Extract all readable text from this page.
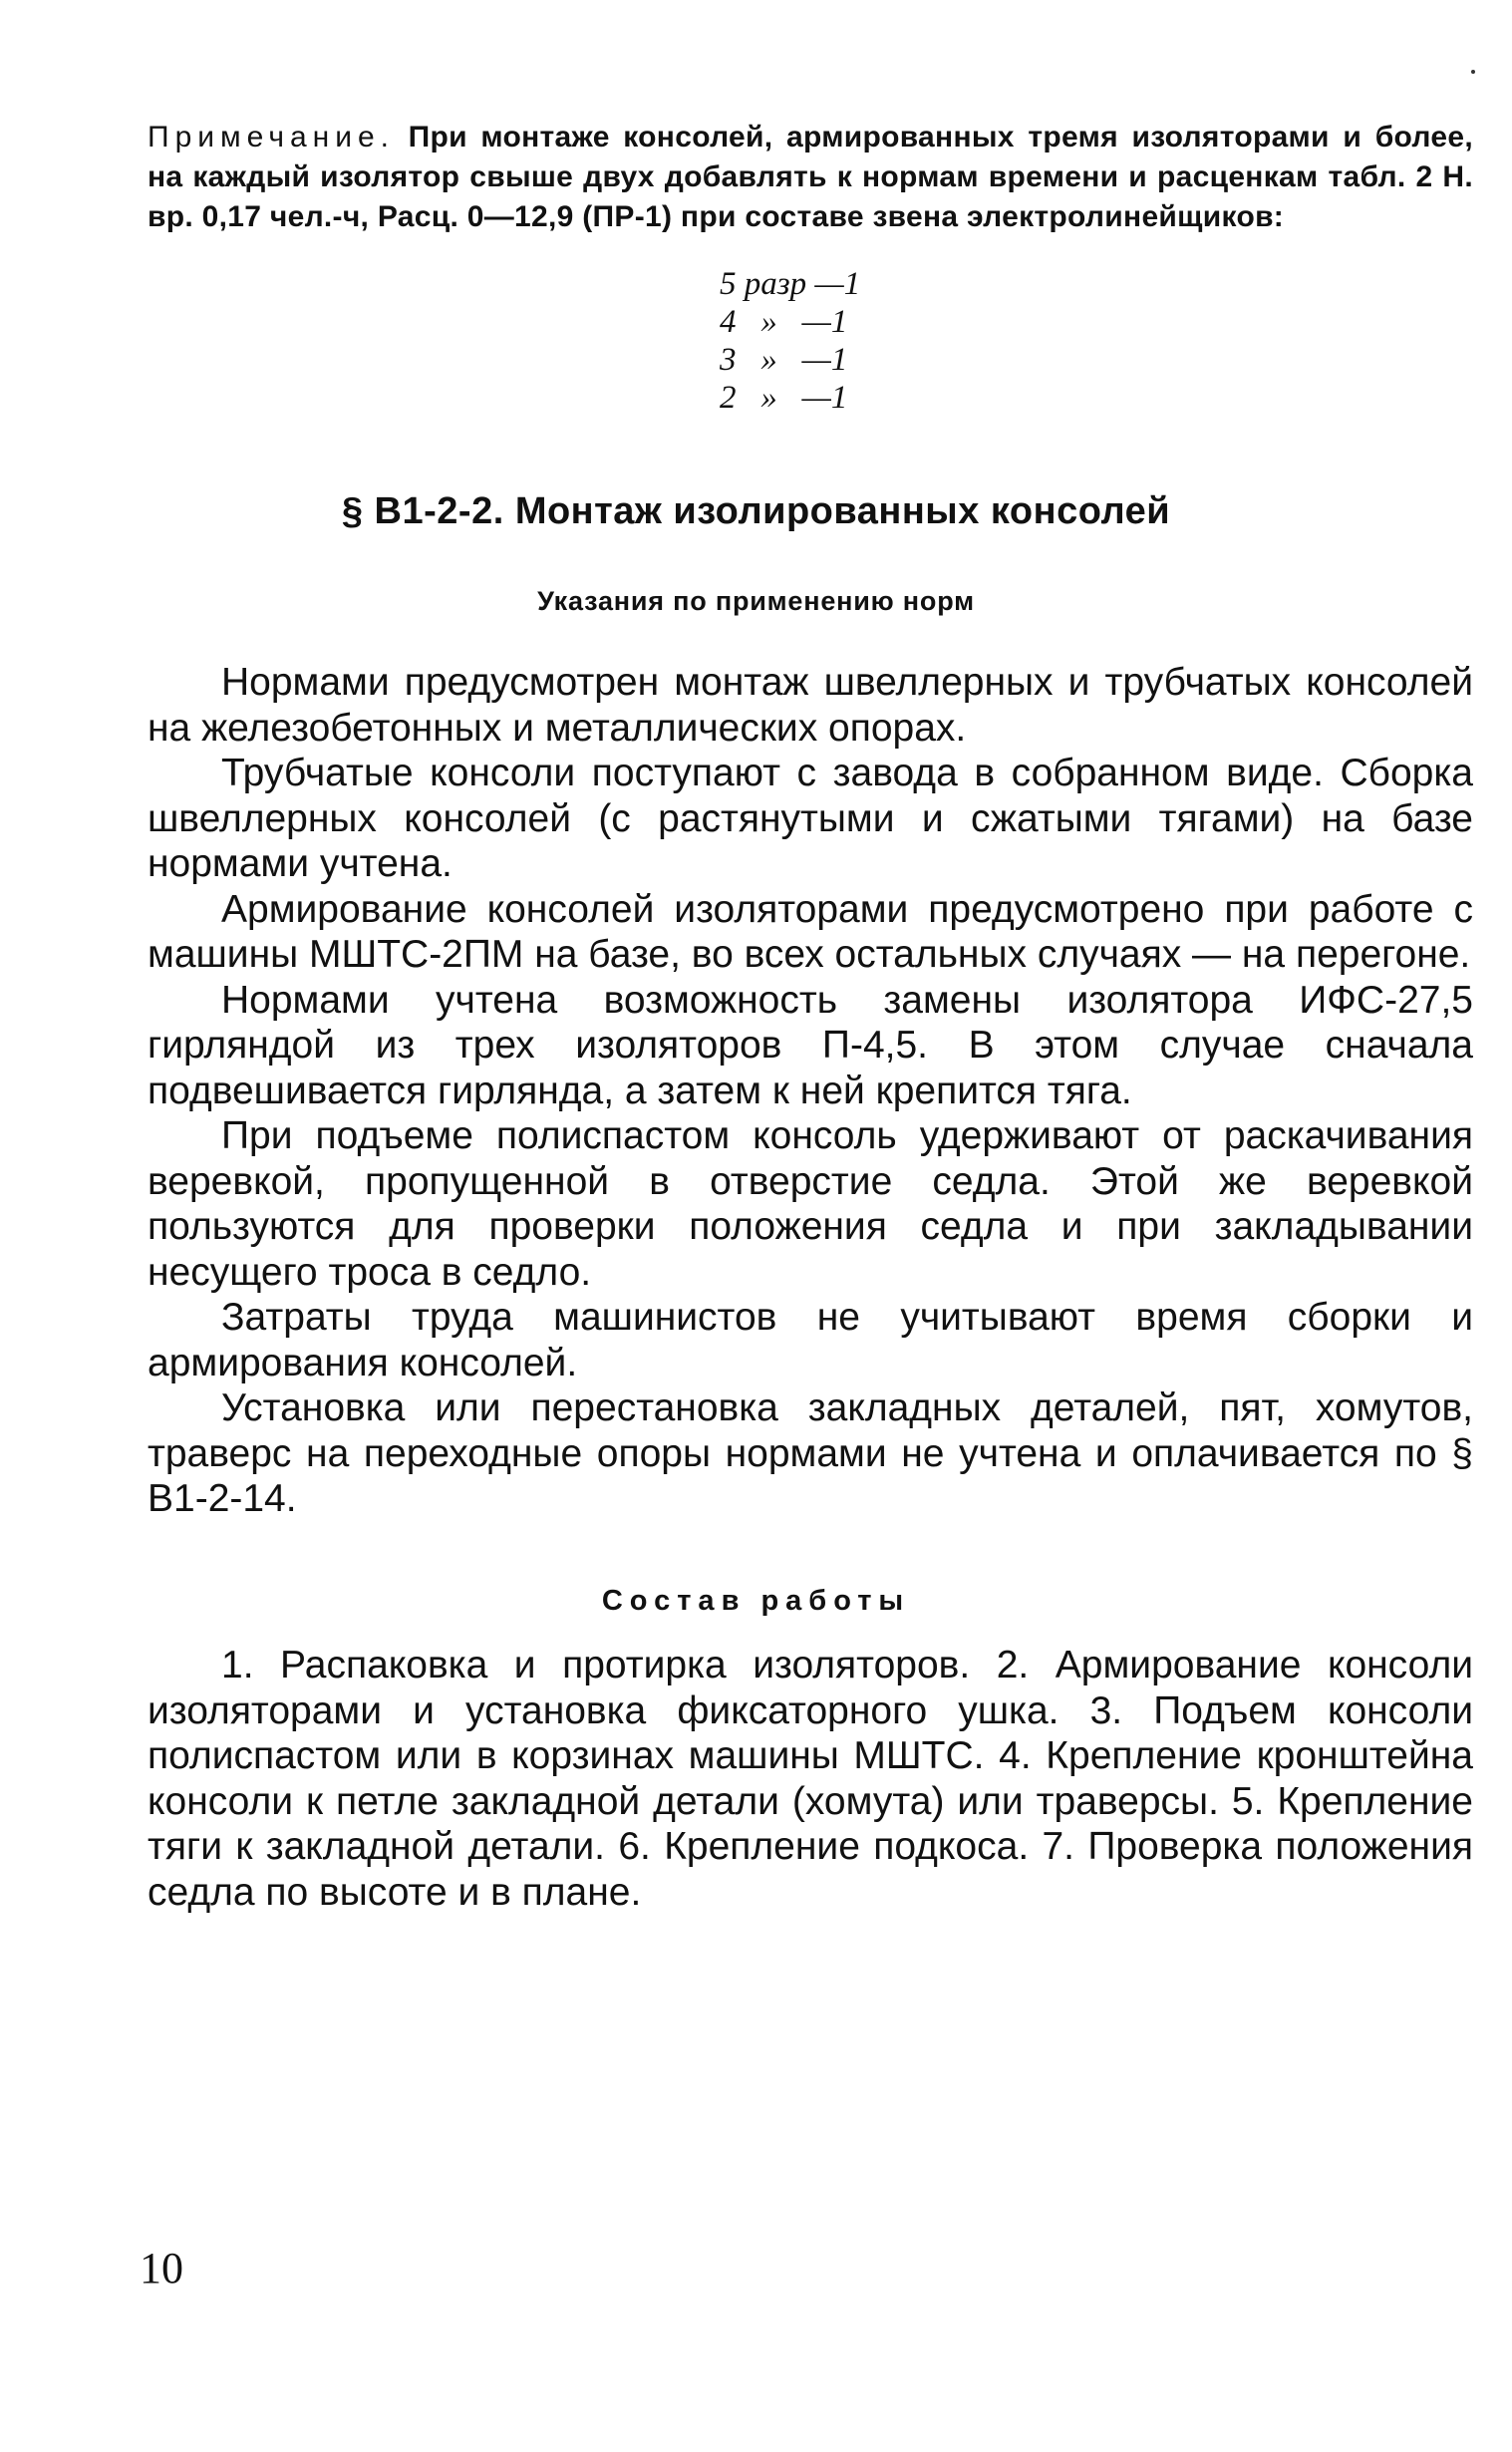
Примечание. При монтаже консолей, армированных тремя изоляторами и более, на каждый изолятор свыше двух добавлять к нормам времени и расценкам табл. 2 Н. вр. 0,17 чел.-ч, Расц. 0—12,9 (ПР-1) при составе звена электролинейщиков:
5 разр —1
4   »   —1
3   »   —1
2   »   —1
§ В1-2-2. Монтаж изолированных консолей
Указания по применению норм

Нормами предусмотрен монтаж швеллерных и трубчатых консолей на железобетонных и металлических опорах.

Трубчатые консоли поступают с завода в собранном виде. Сборка швеллерных консолей (с растянутыми и сжатыми тягами) на базе нормами учтена.

Армирование консолей изоляторами предусмотрено при работе с машины МШТС-2ПМ на базе, во всех остальных случаях — на перегоне.

Нормами учтена возможность замены изолятора ИФС-27,5 гирляндой из трех изоляторов П-4,5. В этом случае сначала подвешивается гирлянда, а затем к ней крепится тяга.

При подъеме полиспастом консоль удерживают от раскачивания веревкой, пропущенной в отверстие седла. Этой же веревкой пользуются для проверки положения седла и при закладывании несущего троса в седло.

Затраты труда машинистов не учитывают время сборки и армирования консолей.

Установка или перестановка закладных деталей, пят, хомутов, траверс на переходные опоры нормами не учтена и оплачивается по § В1-2-14.

Состав работы

1. Распаковка и протирка изоляторов. 2. Армирование консоли изоляторами и установка фиксаторного ушка. 3. Подъем консоли полиспастом или в корзинах машины МШТС. 4. Крепление кронштейна консоли к петле закладной детали (хомута) или траверсы. 5. Крепление тяги к закладной детали. 6. Крепление подкоса. 7. Проверка положения седла по высоте и в плане.

10
